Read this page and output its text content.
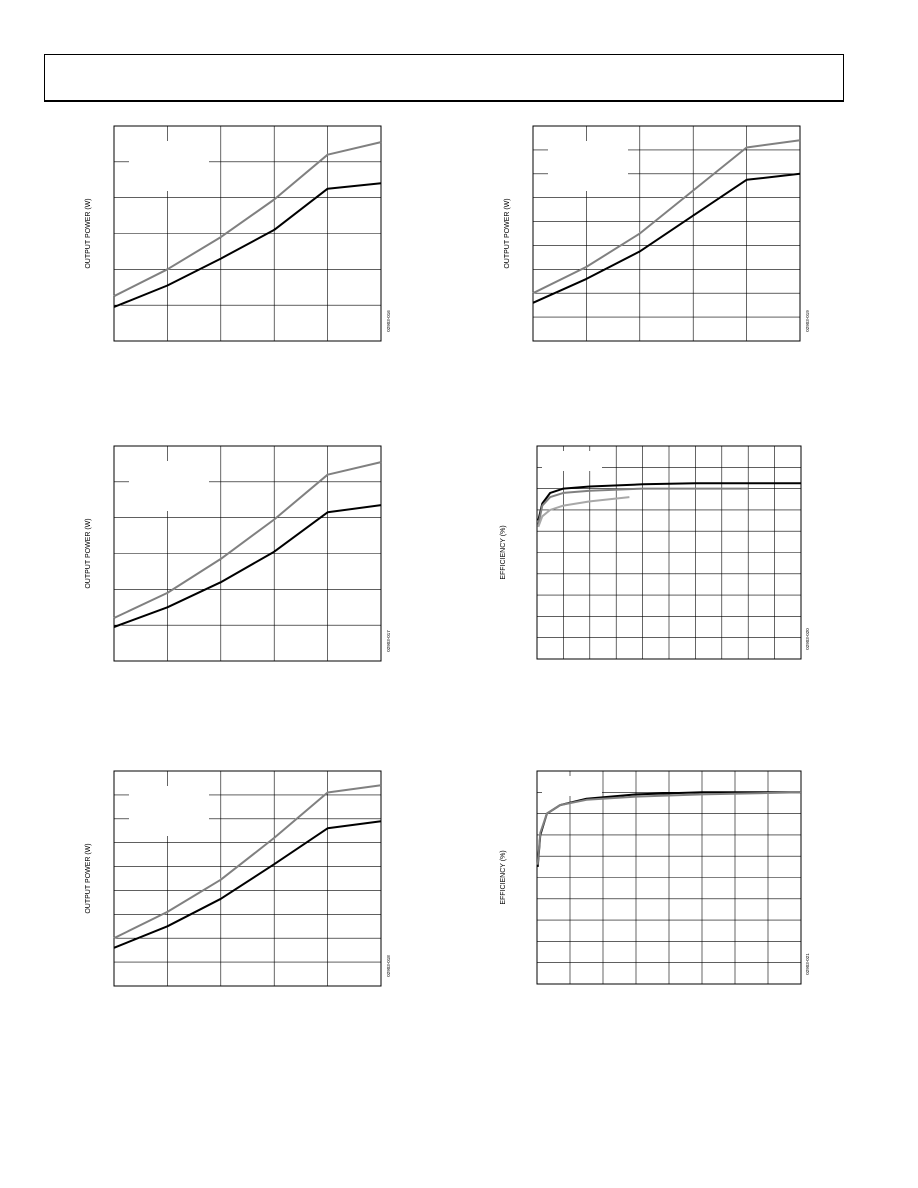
OUTPUT POWER (W)
02903-016
OUTPUT POWER (W)
02903-019
OUTPUT POWER (W)
02903-017
EFFICIENCY (%)
02903-020
OUTPUT POWER (W)
02903-018
EFFICIENCY (%)
02903-021
